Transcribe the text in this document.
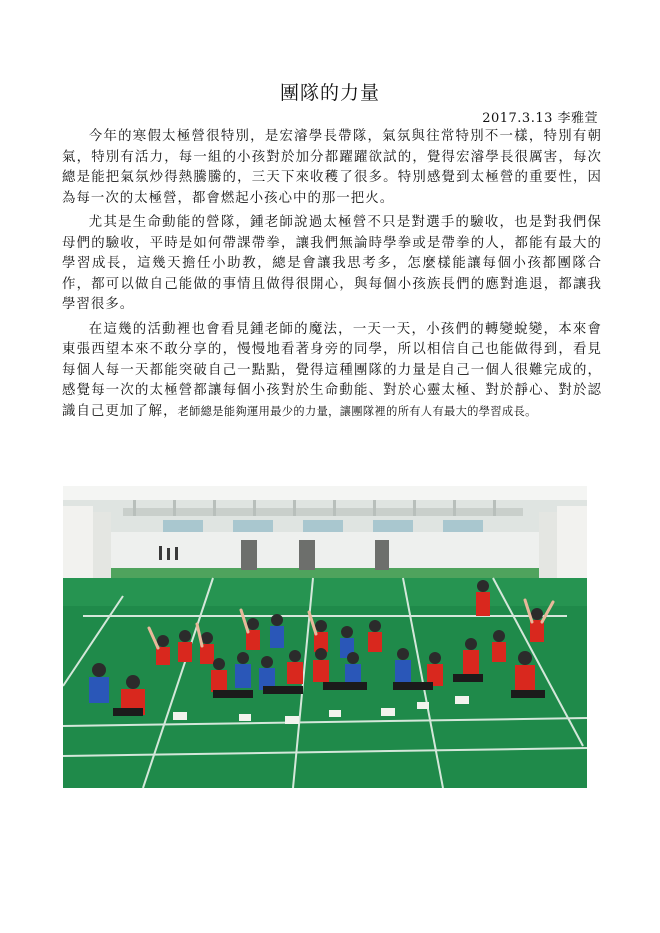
團隊的力量
2017.3.13 李雅萱

今年的寒假太極營很特別，是宏濬學長帶隊，氣氛與往常特別不一樣，特別有朝氣，特別有活力，每一組的小孩對於加分都躍躍欲試的，覺得宏濬學長很厲害，每次總是能把氣氛炒得熱騰騰的，三天下來收穫了很多。特別感覺到太極營的重要性，因為每一次的太極營，都會燃起小孩心中的那一把火。

尤其是生命動能的營隊，鍾老師說過太極營不只是對選手的驗收，也是對我們保母們的驗收，平時是如何帶課帶拳，讓我們無論時學拳或是帶拳的人，都能有最大的學習成長，這幾天擔任小助教，總是會讓我思考多，怎麼樣能讓每個小孩都團隊合作，都可以做自己能做的事情且做得很開心，與每個小孩族長們的應對進退，都讓我學習很多。

在這幾的活動裡也會看見鍾老師的魔法，一天一天，小孩們的轉變蛻變，本來會東張西望本來不敢分享的，慢慢地看著身旁的同學，所以相信自己也能做得到，看見每個人每一天都能突破自己一點點，覺得這種團隊的力量是自己一個人很難完成的，感覺每一次的太極營都讓每個小孩對於生命動能、對於心靈太極、對於靜心、對於認識自己更加了解，老師總是能夠運用最少的力量，讓團隊裡的所有人有最大的學習成長。
